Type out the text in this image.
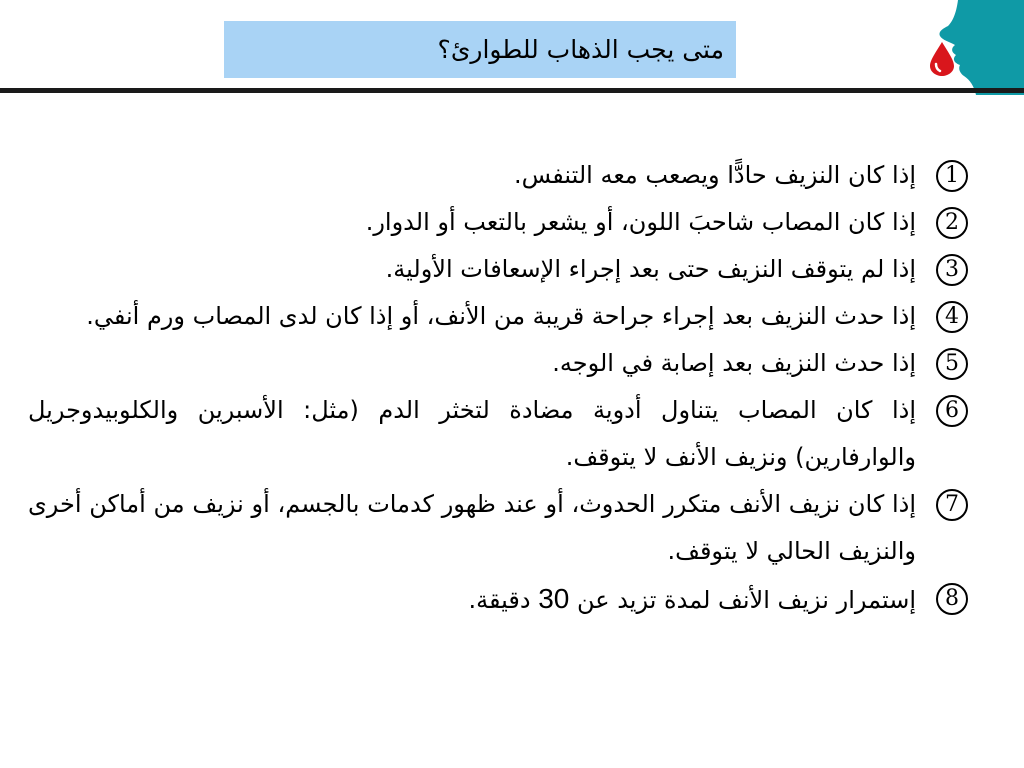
متى يجب الذهاب للطوارئ؟
1
إذا كان النزيف حادًّا ويصعب معه التنفس.
2
إذا كان المصاب شاحبَ اللون، أو يشعر بالتعب أو الدوار.
3
إذا لم يتوقف النزيف حتى بعد إجراء الإسعافات الأولية.
4
إذا حدث النزيف بعد إجراء جراحة قريبة من الأنف، أو إذا كان لدى المصاب ورم أنفي.
5
إذا حدث النزيف بعد إصابة في الوجه.
6
إذا كان المصاب يتناول أدوية مضادة لتخثر الدم (مثل: الأسبرين والكلوبيدوجريل والوارفارين) ونزيف الأنف لا يتوقف.
7
إذا كان نزيف الأنف متكرر الحدوث، أو عند ظهور كدمات بالجسم، أو نزيف من أماكن أخرى والنزيف الحالي لا يتوقف.
8
إستمرار نزيف الأنف لمدة تزيد عن 30 دقيقة.
